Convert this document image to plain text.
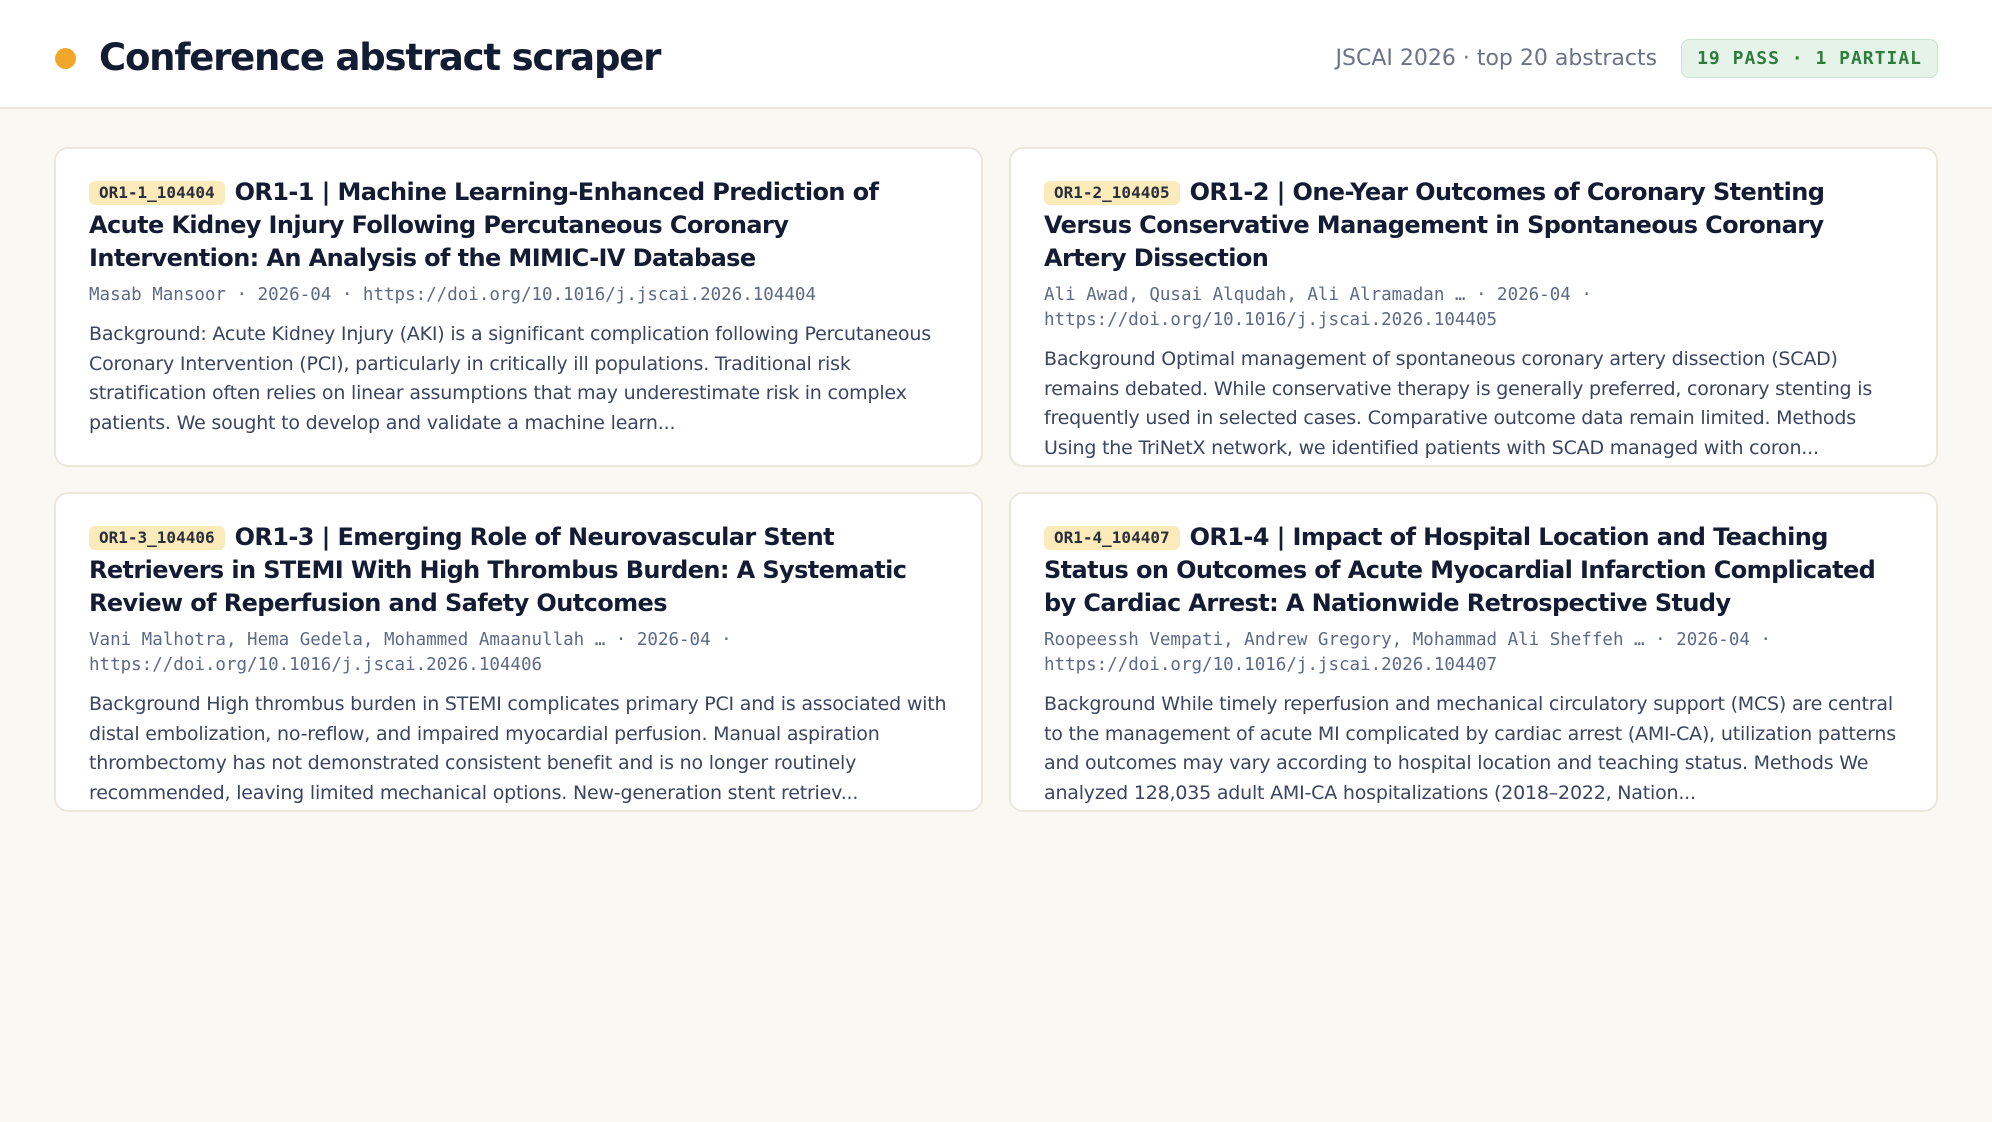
Conference abstract scraper	JSCAI 2026 · top 20 abstracts	19 PASS · 1 PARTIAL
OR1-1_104404 OR1-1 | Machine Learning-Enhanced Prediction of Acute Kidney Injury Following Percutaneous Coronary Intervention: An Analysis of the MIMIC-IV Database
Masab Mansoor · 2026-04 · https://doi.org/10.1016/j.jscai.2026.104404
Background: Acute Kidney Injury (AKI) is a significant complication following Percutaneous Coronary Intervention (PCI), particularly in critically ill populations. Traditional risk stratification often relies on linear assumptions that may underestimate risk in complex patients. We sought to develop and validate a machine learn...
OR1-2_104405 OR1-2 | One-Year Outcomes of Coronary Stenting Versus Conservative Management in Spontaneous Coronary Artery Dissection
Ali Awad, Qusai Alqudah, Ali Alramadan … · 2026-04 · https://doi.org/10.1016/j.jscai.2026.104405
Background Optimal management of spontaneous coronary artery dissection (SCAD) remains debated. While conservative therapy is generally preferred, coronary stenting is frequently used in selected cases. Comparative outcome data remain limited. Methods Using the TriNetX network, we identified patients with SCAD managed with coron...
OR1-3_104406 OR1-3 | Emerging Role of Neurovascular Stent Retrievers in STEMI With High Thrombus Burden: A Systematic Review of Reperfusion and Safety Outcomes
Vani Malhotra, Hema Gedela, Mohammed Amaanullah … · 2026-04 · https://doi.org/10.1016/j.jscai.2026.104406
Background High thrombus burden in STEMI complicates primary PCI and is associated with distal embolization, no-reflow, and impaired myocardial perfusion. Manual aspiration thrombectomy has not demonstrated consistent benefit and is no longer routinely recommended, leaving limited mechanical options. New-generation stent retriev...
OR1-4_104407 OR1-4 | Impact of Hospital Location and Teaching Status on Outcomes of Acute Myocardial Infarction Complicated by Cardiac Arrest: A Nationwide Retrospective Study
Roopeessh Vempati, Andrew Gregory, Mohammad Ali Sheffeh … · 2026-04 · https://doi.org/10.1016/j.jscai.2026.104407
Background While timely reperfusion and mechanical circulatory support (MCS) are central to the management of acute MI complicated by cardiac arrest (AMI-CA), utilization patterns and outcomes may vary according to hospital location and teaching status. Methods We analyzed 128,035 adult AMI-CA hospitalizations (2018–2022, Nation...
